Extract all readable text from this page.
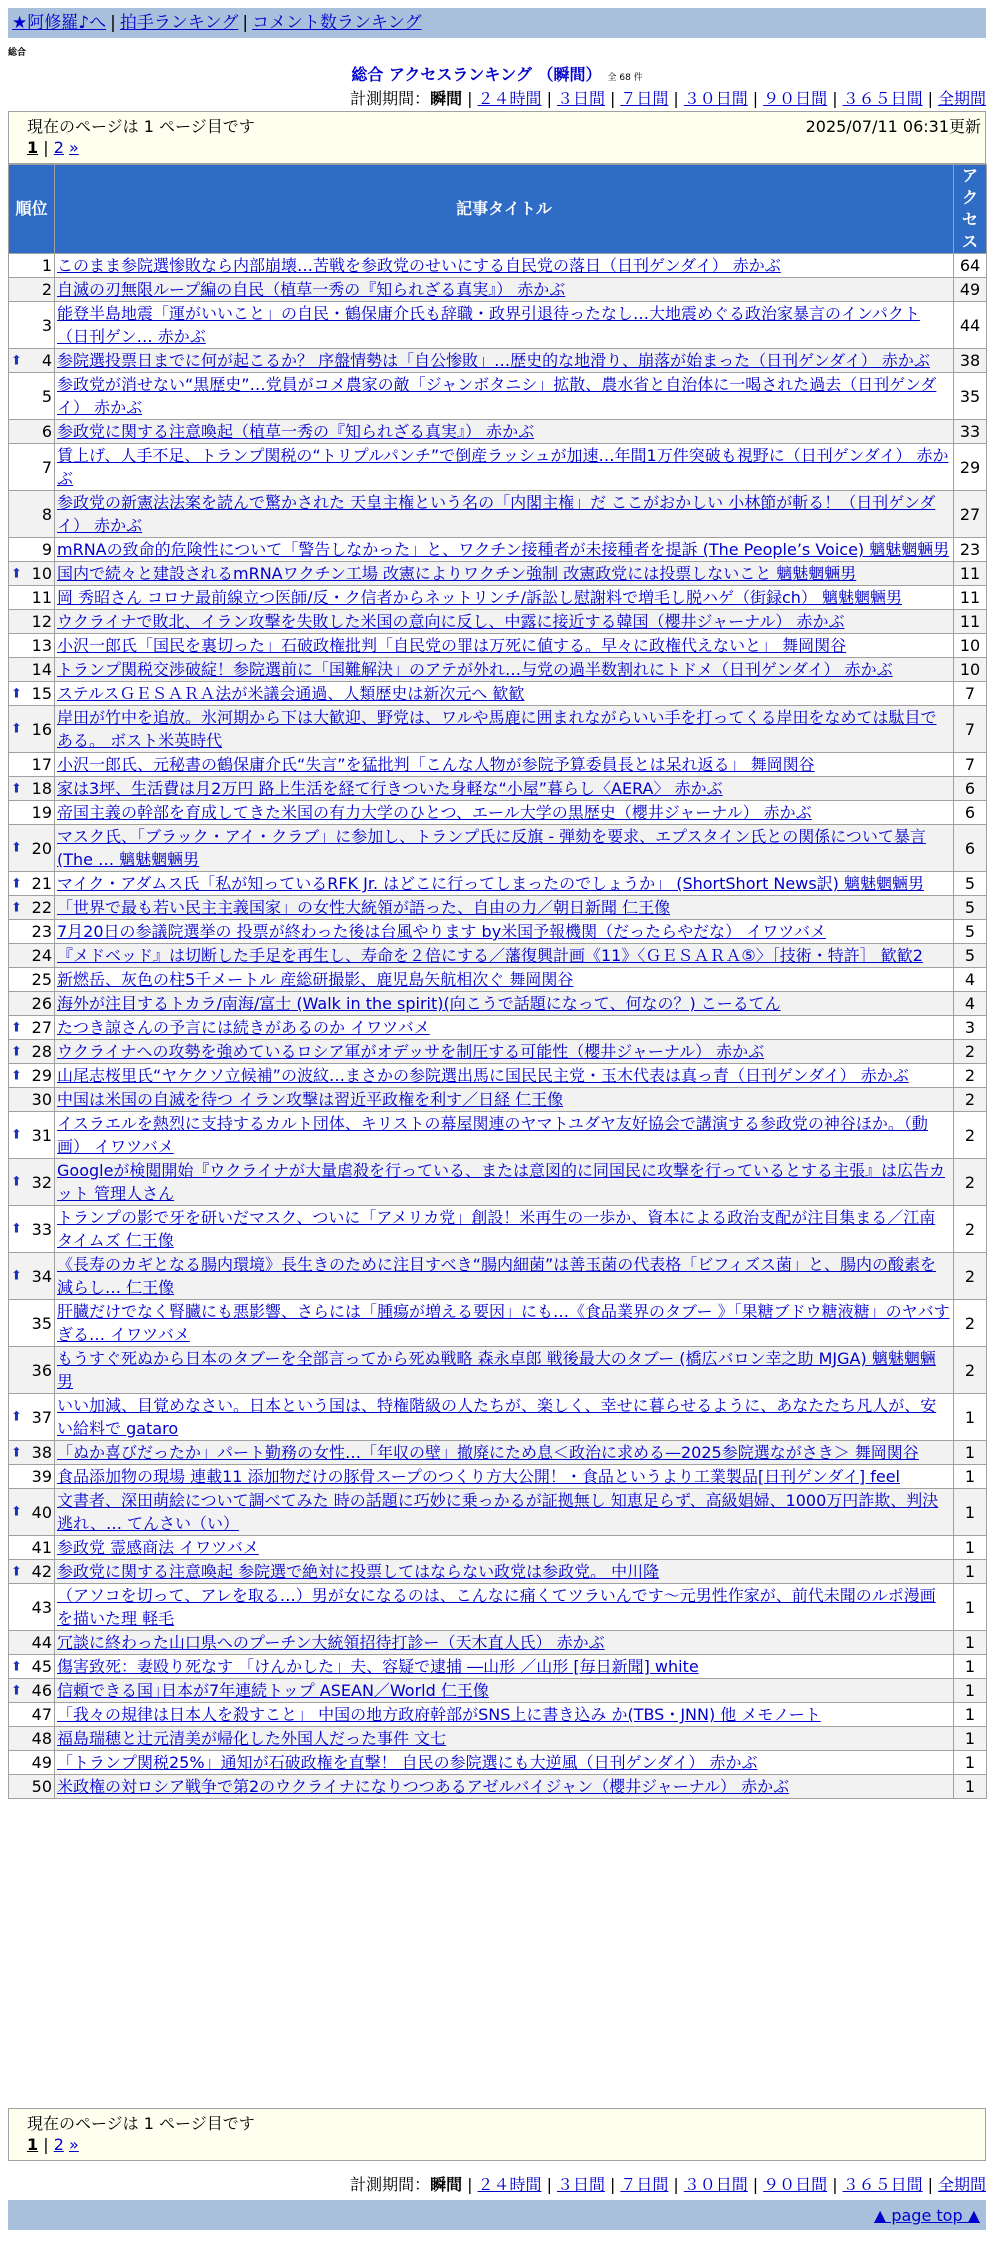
★阿修羅♪へ | 拍手ランキング | コメント数ランキング
総合
総合 アクセスランキング （瞬間） 全 68 件
計測期間：瞬間 | ２４時間 | ３日間 | ７日間 | ３０日間 | ９０日間 | ３６５日間 | 全期間
現在のページは 1 ページ目です	2025/07/11 06:31更新
1 | 2 »
順位	記事タイトル	アクセス
1	このまま参院選惨敗なら内部崩壊…苦戦を参政党のせいにする自民党の落日（日刊ゲンダイ） 赤かぶ	64
2	自滅の刃無限ループ編の自民（植草一秀の『知られざる真実』） 赤かぶ	49
3	能登半島地震「運がいいこと」の自民・鶴保庸介氏も辞職・政界引退待ったなし…大地震めぐる政治家暴言のインパクト（日刊ゲン… 赤かぶ	44

⬆ 4	参院選投票日までに何が起こるか？ 序盤情勢は「自公惨敗」…歴史的な地滑り、崩落が始まった（日刊ゲンダイ） 赤かぶ	38
5	参政党が消せない“黒歴史”…党員がコメ農家の敵「ジャンボタニシ」拡散、農水省と自治体に一喝された過去（日刊ゲンダイ） 赤かぶ	35
6	参政党に関する注意喚起（植草一秀の『知られざる真実』） 赤かぶ	33
7	賃上げ、人手不足、トランプ関税の“トリプルパンチ”で倒産ラッシュが加速…年間1万件突破も視野に（日刊ゲンダイ） 赤かぶ	29
8	参政党の新憲法法案を読んで驚かされた 天皇主権という名の「内閣主権」だ ここがおかしい 小林節が斬る！（日刊ゲンダイ） 赤かぶ	27
9	mRNAの致命的危険性について「警告しなかった」と、ワクチン接種者が未接種者を提訴 (The People’s Voice) 魑魅魍魎男	23

⬆ 10	国内で続々と建設されるmRNAワクチン工場 改憲によりワクチン強制 改憲政党には投票しないこと 魑魅魍魎男	11
11	岡 秀昭さん コロナ最前線立つ医師/反・ク信者からネットリンチ/訴訟し慰謝料で増毛し脱ハゲ（街録ch） 魑魅魍魎男	11
12	ウクライナで敗北、イラン攻撃を失敗した米国の意向に反し、中露に接近する韓国（櫻井ジャーナル） 赤かぶ	11
13	小沢一郎氏「国民を裏切った」石破政権批判「自民党の罪は万死に値する。早々に政権代えないと」 舞岡関谷	10
14	トランプ関税交渉破綻！参院選前に「国難解決」のアテが外れ…与党の過半数割れにトドメ（日刊ゲンダイ） 赤かぶ	10

⬆ 15	ステルスＧＥＳＡＲＡ法が米議会通過、人類歴史は新次元へ 歓歓	7

⬆ 16	岸田が竹中を追放。氷河期から下は大歓迎、野党は、ワルや馬鹿に囲まれながらいい手を打ってくる岸田をなめては駄目である。 ボスト米英時代	7
17	小沢一郎氏、元秘書の鶴保庸介氏“失言”を猛批判「こんな人物が参院予算委員長とは呆れ返る」 舞岡関谷	7

⬆ 18	家は3坪、生活費は月2万円 路上生活を経て行きついた身軽な“小屋”暮らし〈AERA〉 赤かぶ	6
19	帝国主義の幹部を育成してきた米国の有力大学のひとつ、エール大学の黒歴史（櫻井ジャーナル） 赤かぶ	6

⬆ 20	マスク氏、「ブラック・アイ・クラブ」に参加し、トランプ氏に反旗 - 弾劾を要求、エプスタイン氏との関係について暴言 (The … 魑魅魍魎男	6

⬆ 21	マイク・アダムス氏「私が知っているRFK Jr. はどこに行ってしまったのでしょうか」 (ShortShort News訳) 魑魅魍魎男	5

⬆ 22	「世界で最も若い民主主義国家」の女性大統領が語った、自由の力／朝日新聞 仁王像	5
23	7月20日の参議院選挙の 投票が終わった後は台風やります by米国予報機関（だったらやだな） イワツバメ	5
24	『メドベッド』は切断した手足を再生し、寿命を２倍にする／藩復興計画《11》〈ＧＥＳＡＲＡ⑤〉［技術・特許］ 歓歓2	5
25	新燃岳、灰色の柱5千メートル 産総研撮影、鹿児島矢航相次ぐ 舞岡関谷	4
26	海外が注目するトカラ/南海/富士 (Walk in the spirit)(向こうで話題になって、何なの？) こーるてん	4

⬆ 27	たつき諒さんの予言には続きがあるのか イワツバメ	3

⬆ 28	ウクライナへの攻勢を強めているロシア軍がオデッサを制圧する可能性（櫻井ジャーナル） 赤かぶ	2

⬆ 29	山尾志桜里氏“ヤケクソ立候補”の波紋…まさかの参院選出馬に国民民主党・玉木代表は真っ青（日刊ゲンダイ） 赤かぶ	2
30	中国は米国の自滅を待つ イラン攻撃は習近平政権を利す／日経 仁王像	2

⬆ 31	イスラエルを熱烈に支持するカルト団体、キリストの幕屋関連のヤマトユダヤ友好協会で講演する参政党の神谷ほか。（動画） イワツバメ	2

⬆ 32	Googleが検閲開始『ウクライナが大量虐殺を行っている、または意図的に同国民に攻撃を行っているとする主張』は広告カット 管理人さん	2

⬆ 33	トランプの影で牙を研いだマスク、ついに「アメリカ党」創設！米再生の一歩か、資本による政治支配が注目集まる／江南タイムズ 仁王像	2

⬆ 34	《長寿のカギとなる腸内環境》長生きのために注目すべき“腸内細菌”は善玉菌の代表格「ビフィズス菌」と、腸内の酸素を減らし… 仁王像	2
35	肝臓だけでなく腎臓にも悪影響、さらには「腫瘍が増える要因」にも…《食品業界のタブー 》「果糖ブドウ糖液糖」のヤバすぎる… イワツバメ	2
36	もうすぐ死ぬから日本のタブーを全部言ってから死ぬ戦略 森永卓郎 戦後最大のタブー (橋広バロン幸之助 MJGA) 魑魅魍魎男	2

⬆ 37	いい加減、目覚めなさい。日本という国は、特権階級の人たちが、楽しく、幸せに暮らせるように、あなたたち凡人が、安い給料で gataro	1

⬆ 38	「ぬか喜びだったか」パート勤務の女性…「年収の壁」撤廃にため息＜政治に求める—2025参院選ながさき＞ 舞岡関谷	1
39	食品添加物の現場 連載11 添加物だけの豚骨スープのつくり方大公開！・食品というより工業製品[日刊ゲンダイ] feel	1

⬆ 40	文書者、深田萌絵について調べてみた 時の話題に巧妙に乗っかるが証拠無し 知恵足らず、高級娼婦、1000万円詐欺、判決逃れ、… てんさい（い）	1
41	参政党 霊感商法 イワツバメ	1

⬆ 42	参政党に関する注意喚起 参院選で絶対に投票してはならない政党は参政党。 中川隆	1
43	（アソコを切って、アレを取る…）男が女になるのは、こんなに痛くてツラいんです〜元男性作家が、前代未聞のルポ漫画を描いた理 軽毛	1
44	冗談に終わった山口県へのプーチン大統領招待打診ー（天木直人氏） 赤かぶ	1

⬆ 45	傷害致死：妻殴り死なす 「けんかした」夫、容疑で逮捕 ―山形 ／山形 [毎日新聞] white	1

⬆ 46	信頼できる国｣日本が7年連続トップ ASEAN／World 仁王像	1
47	「我々の規律は日本人を殺すこと」 中国の地方政府幹部がSNS上に書き込み か(TBS・JNN) 他 メモノート	1
48	福島瑞穂と辻元清美が帰化した外国人だった事件 文七	1
49	「トランプ関税25%」通知が石破政権を直撃！ 自民の参院選にも大逆風（日刊ゲンダイ） 赤かぶ	1
50	米政権の対ロシア戦争で第2のウクライナになりつつあるアゼルバイジャン（櫻井ジャーナル） 赤かぶ	1
現在のページは 1 ページ目です
1 | 2 »
計測期間：瞬間 | ２４時間 | ３日間 | ７日間 | ３０日間 | ９０日間 | ３６５日間 | 全期間
▲ page top ▲
